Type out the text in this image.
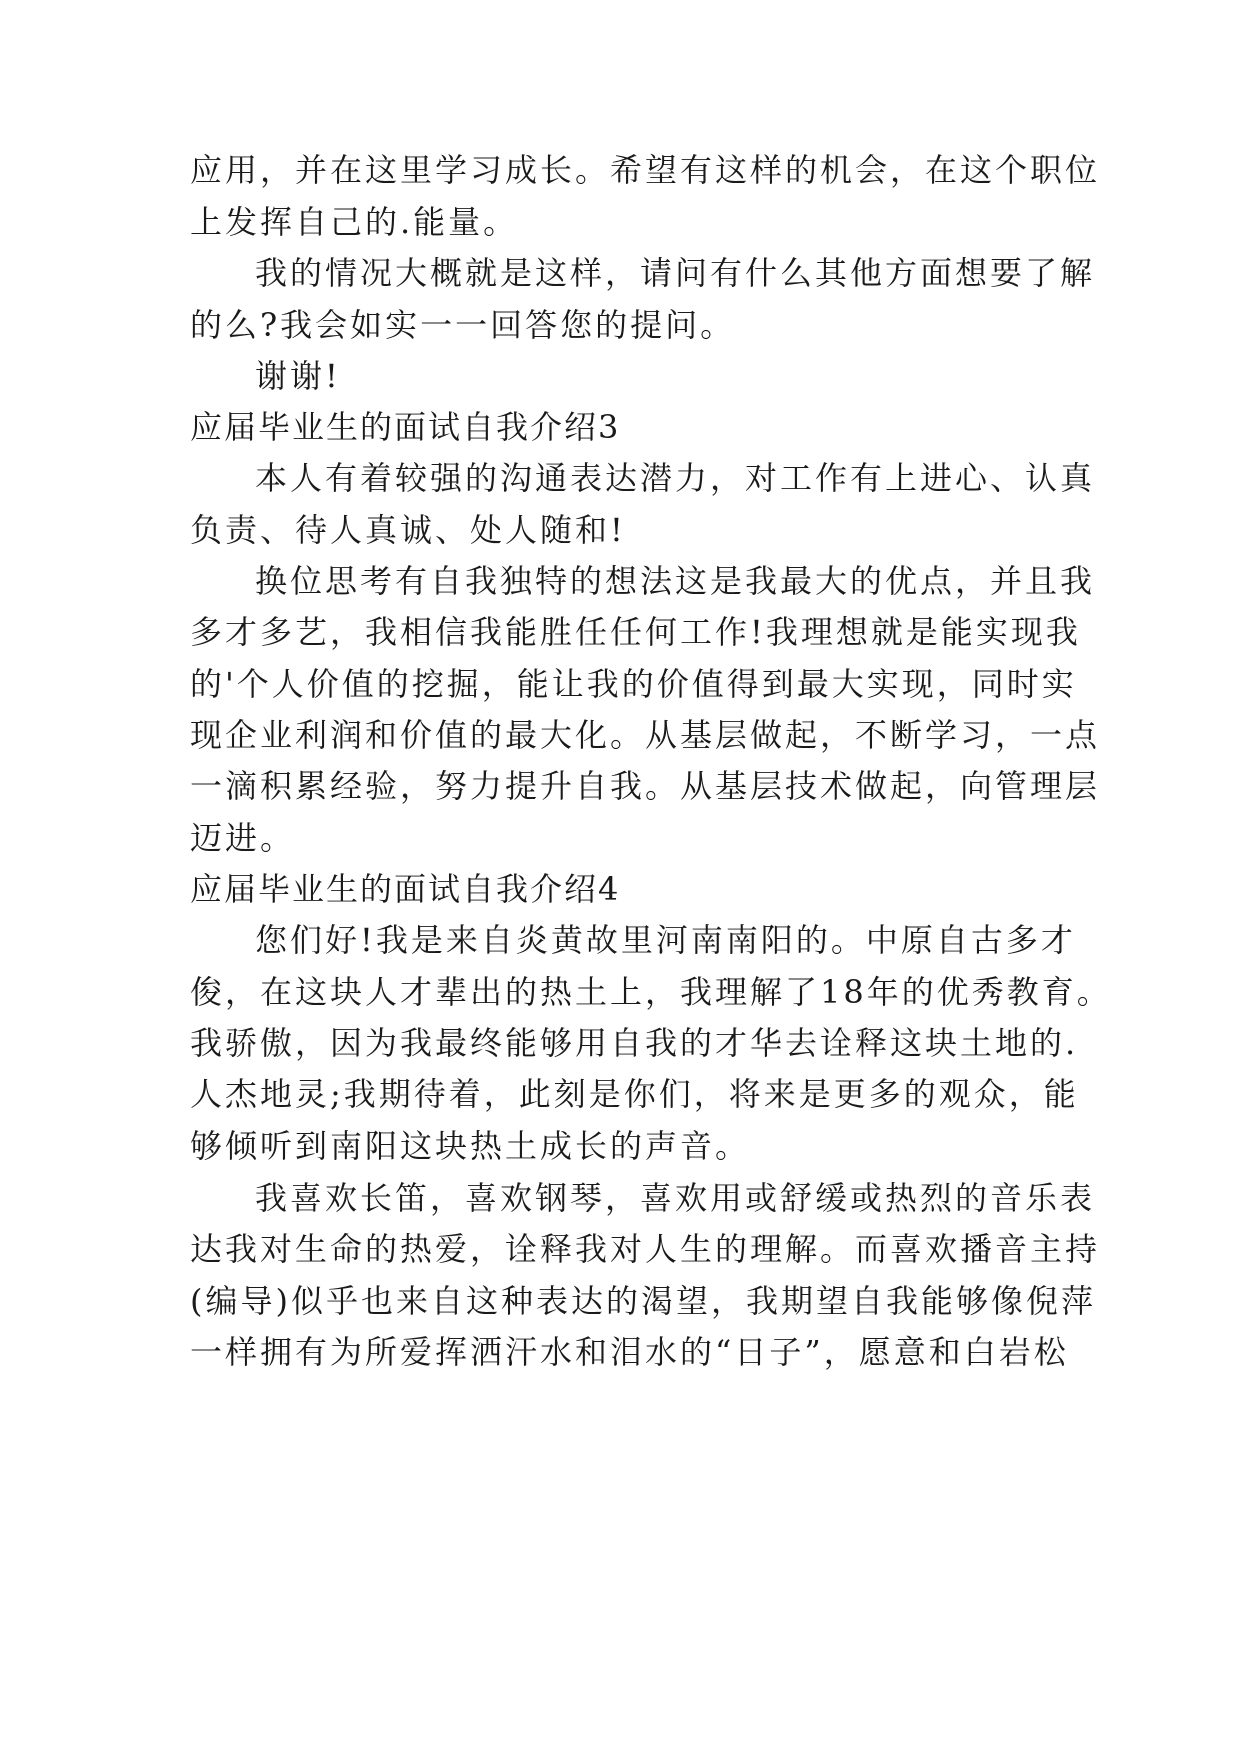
应用，并在这里学习成长。希望有这样的机会，在这个职位
上发挥自己的.能量。
我的情况大概就是这样，请问有什么其他方面想要了解
的么?我会如实一一回答您的提问。
谢谢!
应届毕业生的面试自我介绍3
本人有着较强的沟通表达潜力，对工作有上进心、认真
负责、待人真诚、处人随和!
换位思考有自我独特的想法这是我最大的优点，并且我
多才多艺，我相信我能胜任任何工作!我理想就是能实现我
的'个人价值的挖掘，能让我的价值得到最大实现，同时实
现企业利润和价值的最大化。从基层做起，不断学习，一点
一滴积累经验，努力提升自我。从基层技术做起，向管理层
迈进。
应届毕业生的面试自我介绍4
您们好!我是来自炎黄故里河南南阳的。中原自古多才
俊，在这块人才辈出的热土上，我理解了18年的优秀教育。
我骄傲，因为我最终能够用自我的才华去诠释这块土地的.
人杰地灵;我期待着，此刻是你们，将来是更多的观众，能
够倾听到南阳这块热土成长的声音。
我喜欢长笛，喜欢钢琴，喜欢用或舒缓或热烈的音乐表
达我对生命的热爱，诠释我对人生的理解。而喜欢播音主持
(编导)似乎也来自这种表达的渴望，我期望自我能够像倪萍
一样拥有为所爱挥洒汗水和泪水的“日子”，愿意和白岩松
